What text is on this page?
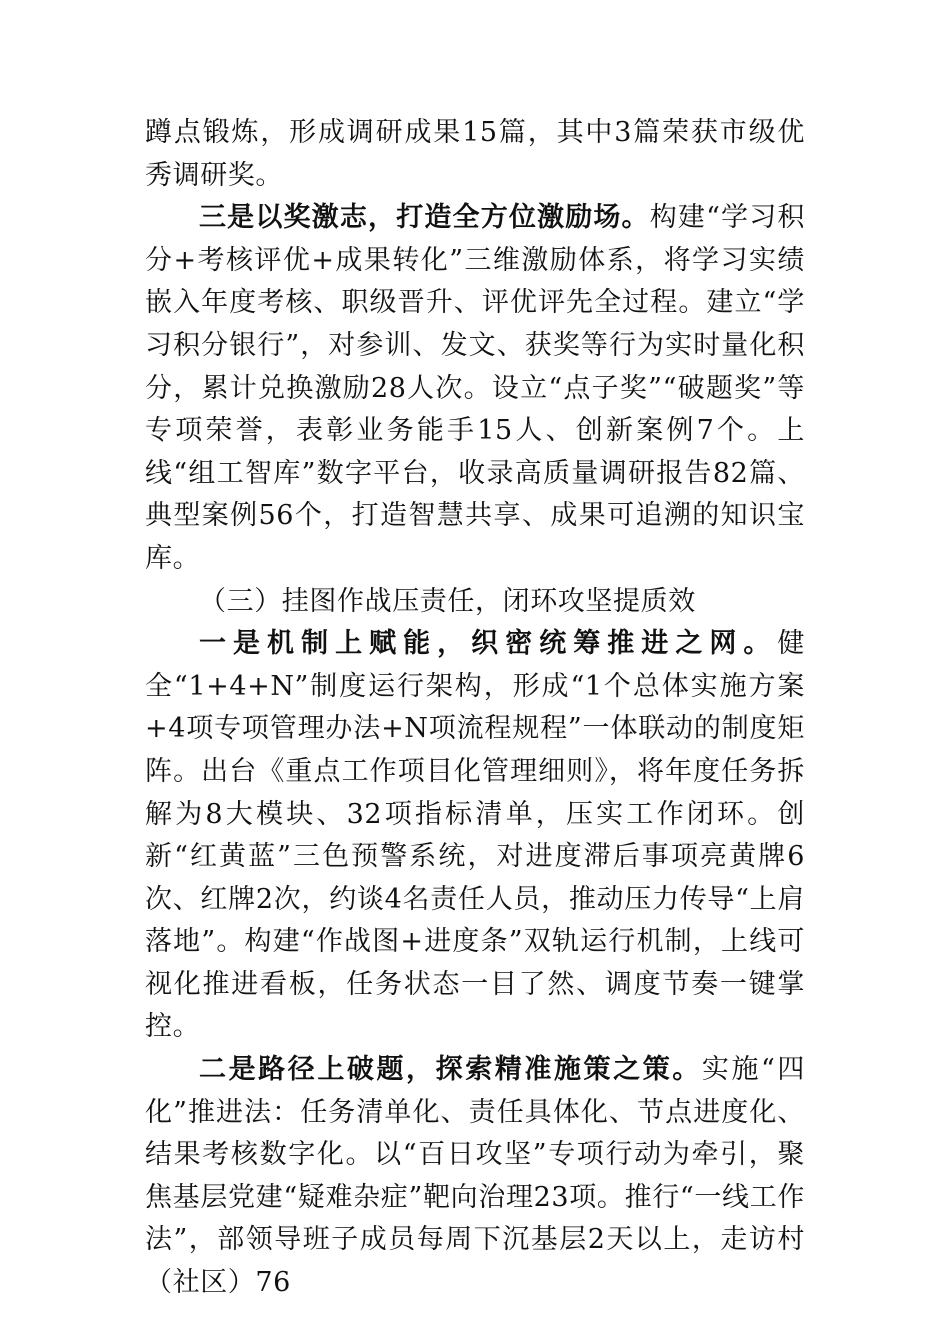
蹲点锻炼，形成调研成果15篇，其中3篇荣获市级优秀调研奖。

三是以奖激志，打造全方位激励场。构建“学习积分+考核评优+成果转化”三维激励体系，将学习实绩嵌入年度考核、职级晋升、评优评先全过程。建立“学习积分银行”，对参训、发文、获奖等行为实时量化积分，累计兑换激励28人次。设立“点子奖”“破题奖”等专项荣誉，表彰业务能手15人、创新案例7个。上线“组工智库”数字平台，收录高质量调研报告82篇、典型案例56个，打造智慧共享、成果可追溯的知识宝库。

（三）挂图作战压责任，闭环攻坚提质效

一是机制上赋能，织密统筹推进之网。健全“1+4+N”制度运行架构，形成“1个总体实施方案+4项专项管理办法+N项流程规程”一体联动的制度矩阵。出台《重点工作项目化管理细则》，将年度任务拆解为8大模块、32项指标清单，压实工作闭环。创新“红黄蓝”三色预警系统，对进度滞后事项亮黄牌6次、红牌2次，约谈4名责任人员，推动压力传导“上肩落地”。构建“作战图+进度条”双轨运行机制，上线可视化推进看板，任务状态一目了然、调度节奏一键掌控。

二是路径上破题，探索精准施策之策。实施“四化”推进法：任务清单化、责任具体化、节点进度化、结果考核数字化。以“百日攻坚”专项行动为牵引，聚焦基层党建“疑难杂症”靶向治理23项。推行“一线工作法”，部领导班子成员每周下沉基层2天以上，走访村（社区）76
